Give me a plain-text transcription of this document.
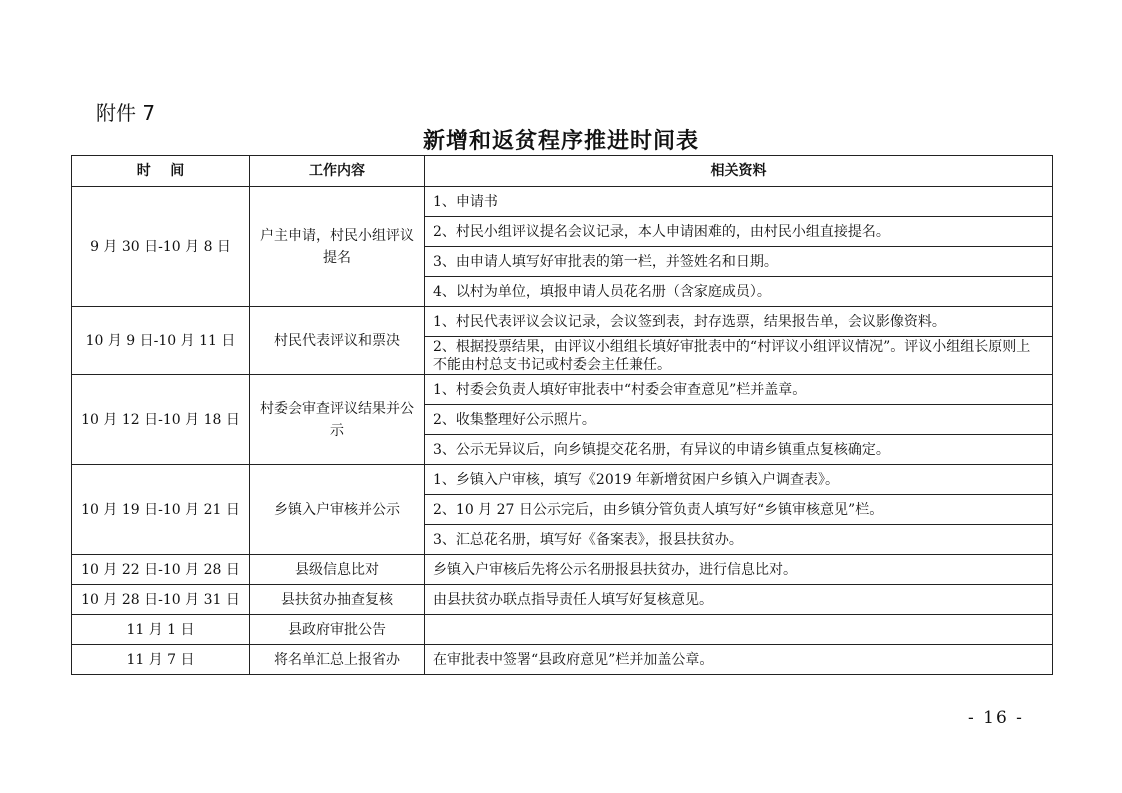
附件 7
新增和返贫程序推进时间表
时    间	工作内容	相关资料
9 月 30 日-10 月 8 日	户主申请，村民小组评议提名	1、申请书
		2、村民小组评议提名会议记录，本人申请困难的，由村民小组直接提名。
		3、由申请人填写好审批表的第一栏，并签姓名和日期。
		4、以村为单位，填报申请人员花名册（含家庭成员）。
10 月 9 日-10 月 11 日	村民代表评议和票决	1、村民代表评议会议记录，会议签到表，封存选票，结果报告单，会议影像资料。
		2、根据投票结果，由评议小组组长填好审批表中的“村评议小组评议情况”。评议小组组长原则上不能由村总支书记或村委会主任兼任。
10 月 12 日-10 月 18 日	村委会审查评议结果并公示	1、村委会负责人填好审批表中“村委会审查意见”栏并盖章。
		2、收集整理好公示照片。
		3、公示无异议后，向乡镇提交花名册，有异议的申请乡镇重点复核确定。
10 月 19 日-10 月 21 日	乡镇入户审核并公示	1、乡镇入户审核，填写《2019 年新增贫困户乡镇入户调查表》。
		2、10 月 27 日公示完后，由乡镇分管负责人填写好“乡镇审核意见”栏。
		3、汇总花名册，填写好《备案表》，报县扶贫办。
10 月 22 日-10 月 28 日	县级信息比对	乡镇入户审核后先将公示名册报县扶贫办，进行信息比对。
10 月 28 日-10 月 31 日	县扶贫办抽查复核	由县扶贫办联点指导责任人填写好复核意见。
11 月 1 日	县政府审批公告	
11 月 7 日	将名单汇总上报省办	在审批表中签署“县政府意见”栏并加盖公章。
- 16 -
